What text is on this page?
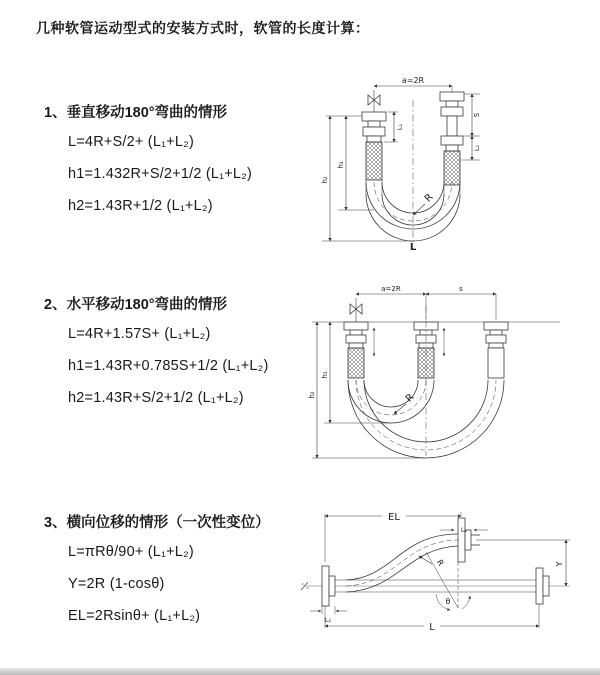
几种软管运动型式的安装方式时，软管的长度计算：
1、垂直移动180°弯曲的情形
L=4R+S/2+ (L₁+L₂)
h1=1.432R+S/2+1/2 (L₁+L₂)
h2=1.43R+1/2 (L₁+L₂)
2、水平移动180°弯曲的情形
L=4R+1.57S+ (L₁+L₂)
h1=1.43R+0.785S+1/2 (L₁+L₂)
h2=1.43R+S/2+1/2 (L₁+L₂)
3、横向位移的情形（一次性变位）
L=πRθ/90+ (L₁+L₂)
Y=2R (1-cosθ)
EL=2Rsinθ+ (L₁+L₂)
a=2R
h₁
h₂
L₁
S
L₂
R
L
a=2R	s
h₁
h₂	R
EL
L₁
Y
θ
L
L₂
R
